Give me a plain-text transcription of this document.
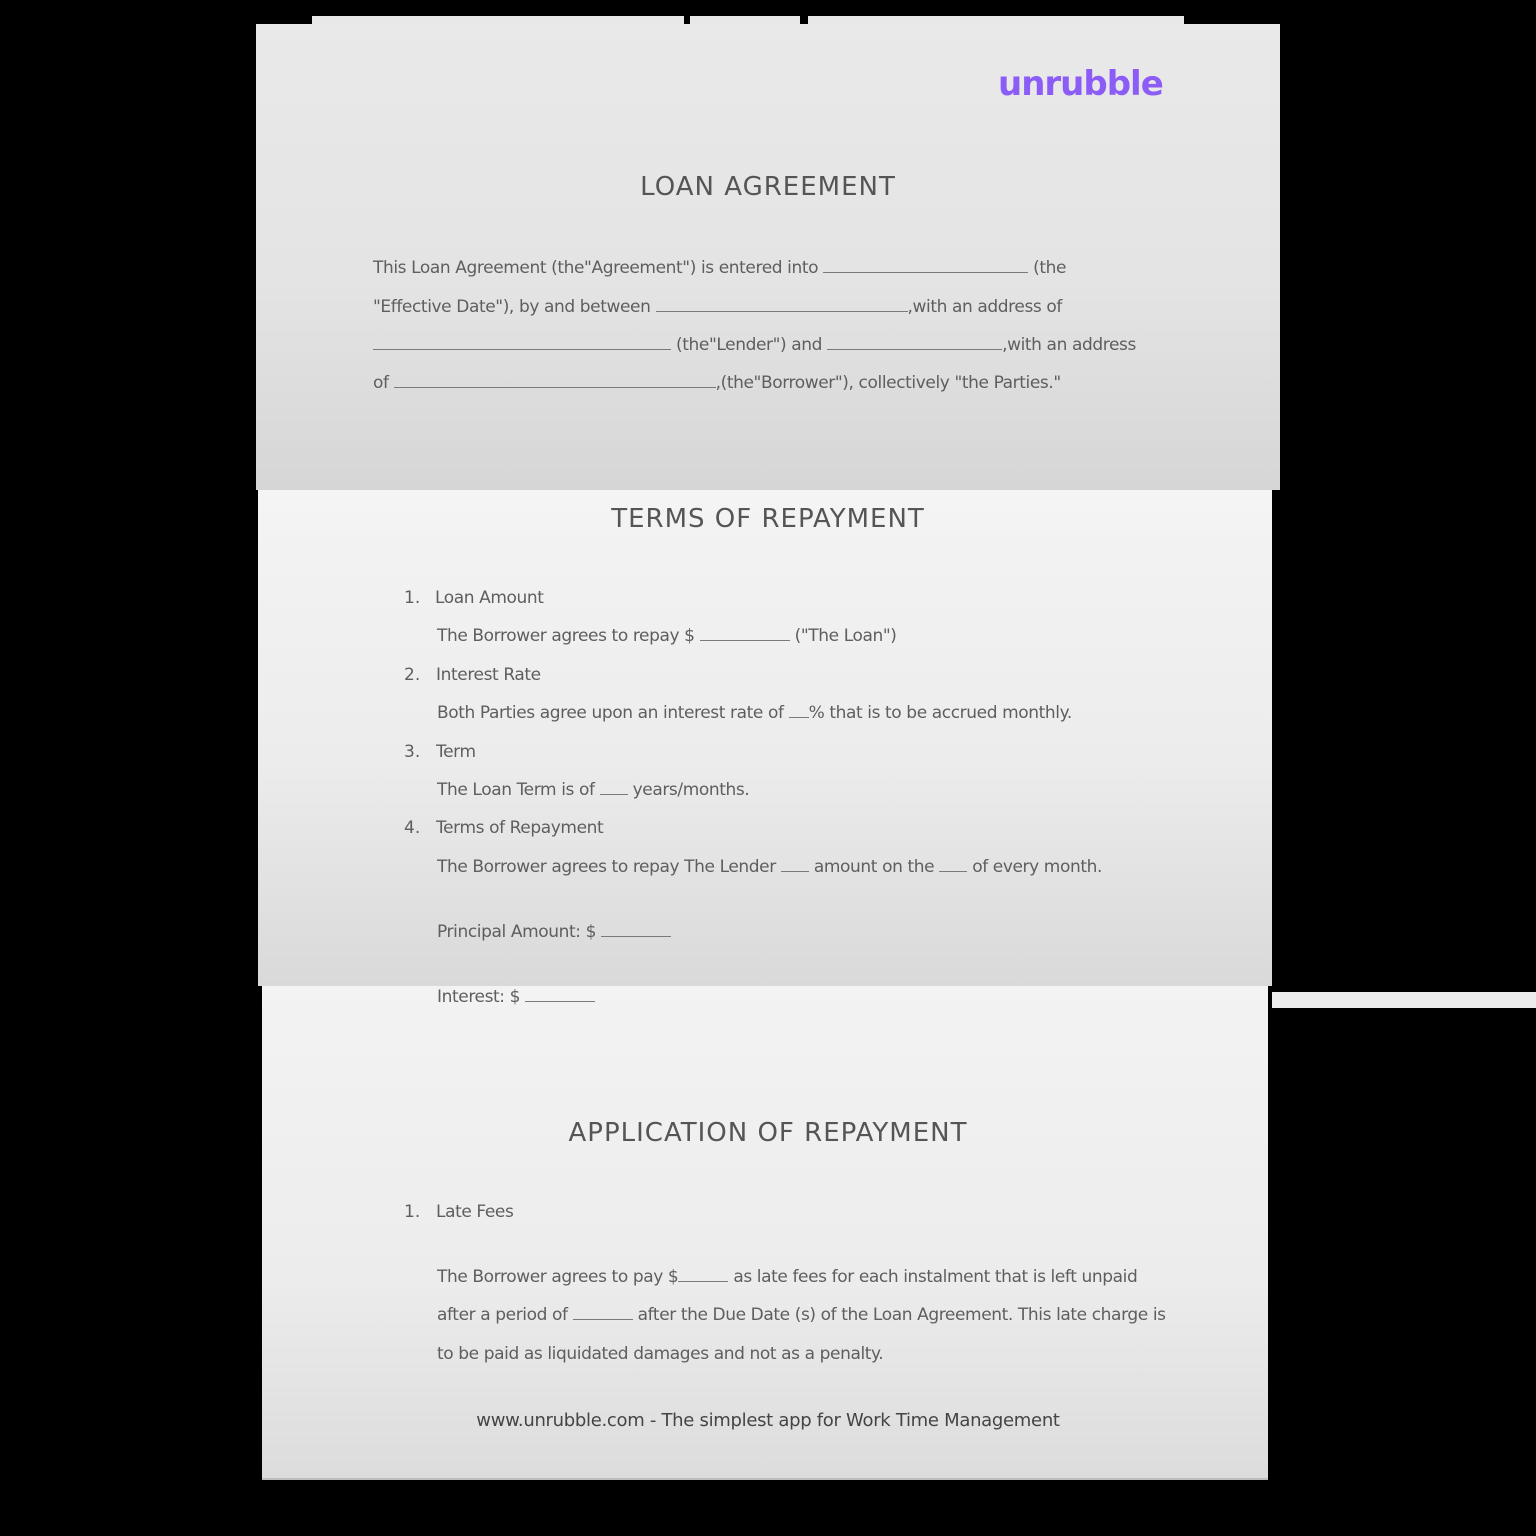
unrubble
LOAN AGREEMENT
This Loan Agreement (the"Agreement") is entered into	(the
"Effective Date"), by and between	,with an address of
(the"Lender") and	,with an address
of	,(the"Borrower"), collectively "the Parties."
TERMS OF REPAYMENT
1. Loan Amount
The Borrower agrees to repay $	("The Loan")
2. Interest Rate
Both Parties agree upon an interest rate of % that is to be accrued monthly.
3. Term
The Loan Term is of years/months.
4. Terms of Repayment
The Borrower agrees to repay The Lender amount on the of every month.
Principal Amount: $
Interest: $
APPLICATION OF REPAYMENT
1. Late Fees
The Borrower agrees to pay $	as late fees for each instalment that is left unpaid
after a period of	after the Due Date (s) of the Loan Agreement. This late charge is
to be paid as liquidated damages and not as a penalty.
www.unrubble.com - The simplest app for Work Time Management
